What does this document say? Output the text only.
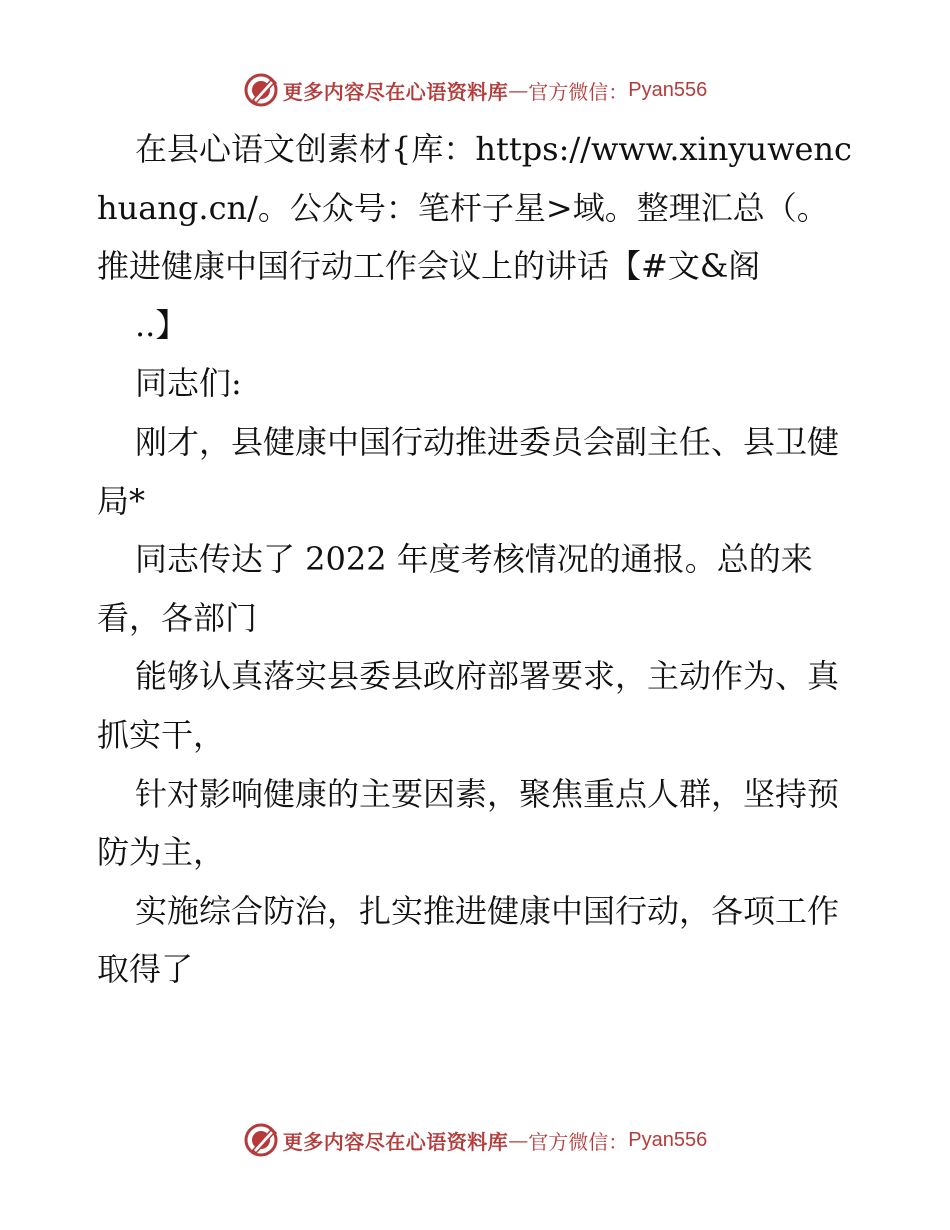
更多内容尽在心语资料库 — 官方微信： Pyan556

在县心语文创素材{库：https://www.xinyuwenchuang.cn/。公众号：笔杆子星>域。整理汇总（。推进健康中国行动工作会议上的讲话【#文&阁

..】

同志们:

刚才，县健康中国行动推进委员会副主任、县卫健局*

同志传达了 2022 年度考核情况的通报。总的来看，各部门

能够认真落实县委县政府部署要求，主动作为、真抓实干，

针对影响健康的主要因素，聚焦重点人群，坚持预防为主，

实施综合防治，扎实推进健康中国行动，各项工作取得了

更多内容尽在心语资料库 — 官方微信： Pyan556
